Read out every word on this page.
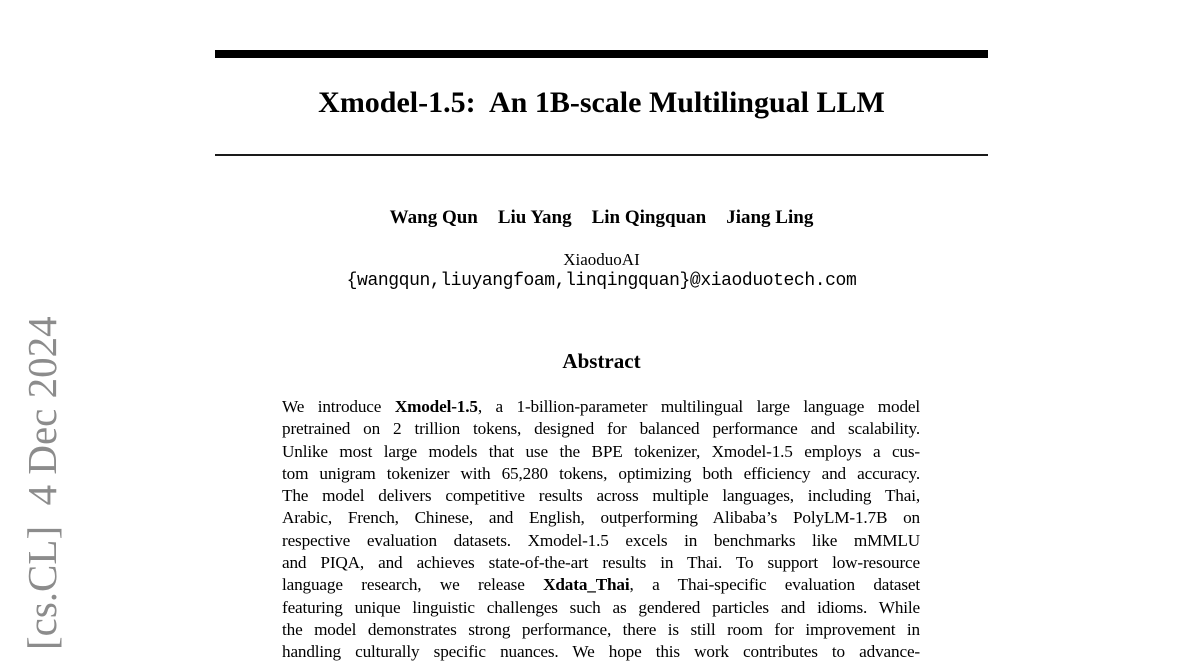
[cs.CL]  4 Dec 2024
Xmodel-1.5:  An 1B-scale Multilingual LLM
Wang Qun Liu Yang Lin Qingquan Jiang Ling
XiaoduoAI
{wangqun,liuyangfoam,linqingquan}@xiaoduotech.com
Abstract
We introduce Xmodel-1.5, a 1-billion-parameter multilingual large language model
pretrained on 2 trillion tokens, designed for balanced performance and scalability.
Unlike most large models that use the BPE tokenizer, Xmodel-1.5 employs a cus-
tom unigram tokenizer with 65,280 tokens, optimizing both efficiency and accuracy.
The model delivers competitive results across multiple languages, including Thai,
Arabic, French, Chinese, and English, outperforming Alibaba’s PolyLM-1.7B on
respective evaluation datasets. Xmodel-1.5 excels in benchmarks like mMMLU
and PIQA, and achieves state-of-the-art results in Thai. To support low-resource
language research, we release Xdata_Thai, a Thai-specific evaluation dataset
featuring unique linguistic challenges such as gendered particles and idioms. While
the model demonstrates strong performance, there is still room for improvement in
handling culturally specific nuances. We hope this work contributes to advance-
